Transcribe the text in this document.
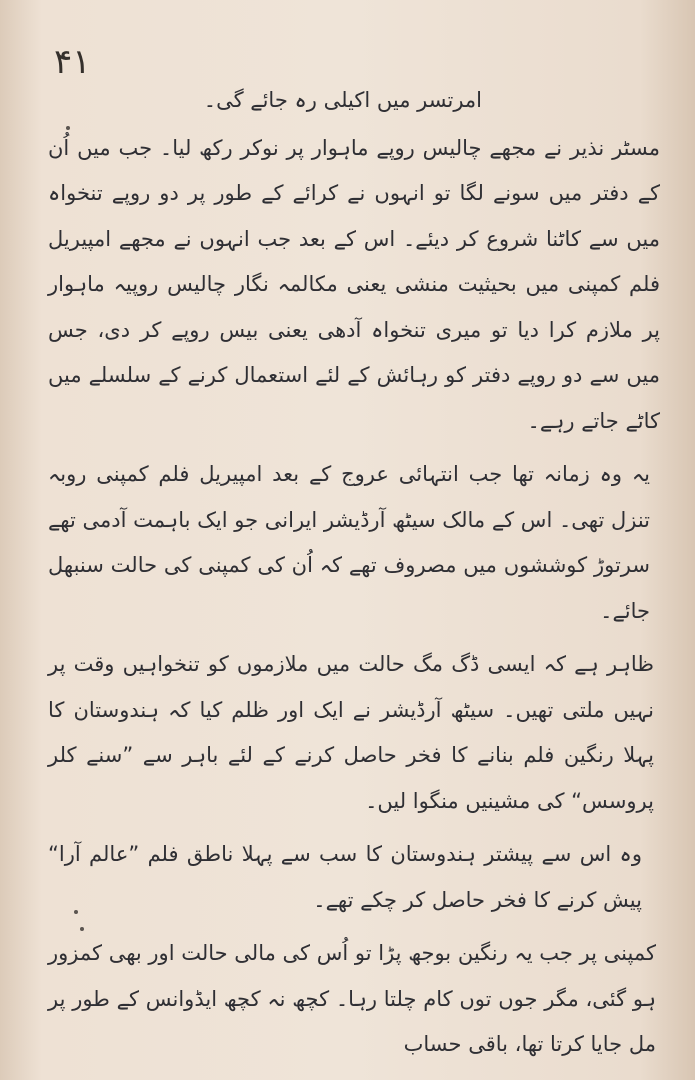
۴۱

امرتسر میں اکیلی رہ جائے گی۔

مسٹر نذیر نے مجھے چالیس روپے ماہوار پر نوکر رکھ لیا۔ جب میں اُن کے دفتر میں سونے لگا تو انہوں نے کرائے کے طور پر دو روپے تنخواہ میں سے کاٹنا شروع کر دیئے۔ اس کے بعد جب انہوں نے مجھے امپیریل فلم کمپنی میں بحیثیت منشی یعنی مکالمہ نگار چالیس روپیہ ماہوار پر ملازم کرا دیا تو میری تنخواہ آدھی یعنی بیس روپے کر دی، جس میں سے دو روپے دفتر کو رہائش کے لئے استعمال کرنے کے سلسلے میں کاٹے جاتے رہے۔

یہ وہ زمانہ تھا جب انتہائی عروج کے بعد امپیریل فلم کمپنی روبہ تنزل تھی۔ اس کے مالک سیٹھ آرڈیشر ایرانی جو ایک باہمت آدمی تھے سرتوڑ کوششوں میں مصروف تھے کہ اُن کی کمپنی کی حالت سنبھل جائے۔

ظاہر ہے کہ ایسی ڈگ مگ حالت میں ملازموں کو تنخواہیں وقت پر نہیں ملتی تھیں۔ سیٹھ آرڈیشر نے ایک اور ظلم کیا کہ ہندوستان کا پہلا رنگین فلم بنانے کا فخر حاصل کرنے کے لئے باہر سے ”سنے کلر پروسس“ کی مشینیں منگوا لیں۔

وہ اس سے پیشتر ہندوستان کا سب سے پہلا ناطق فلم ”عالم آرا“ پیش کرنے کا فخر حاصل کر چکے تھے۔

کمپنی پر جب یہ رنگین بوجھ پڑا تو اُس کی مالی حالت اور بھی کمزور ہو گئی، مگر جوں توں کام چلتا رہا۔ کچھ نہ کچھ ایڈوانس کے طور پر مل جایا کرتا تھا، باقی حساب
